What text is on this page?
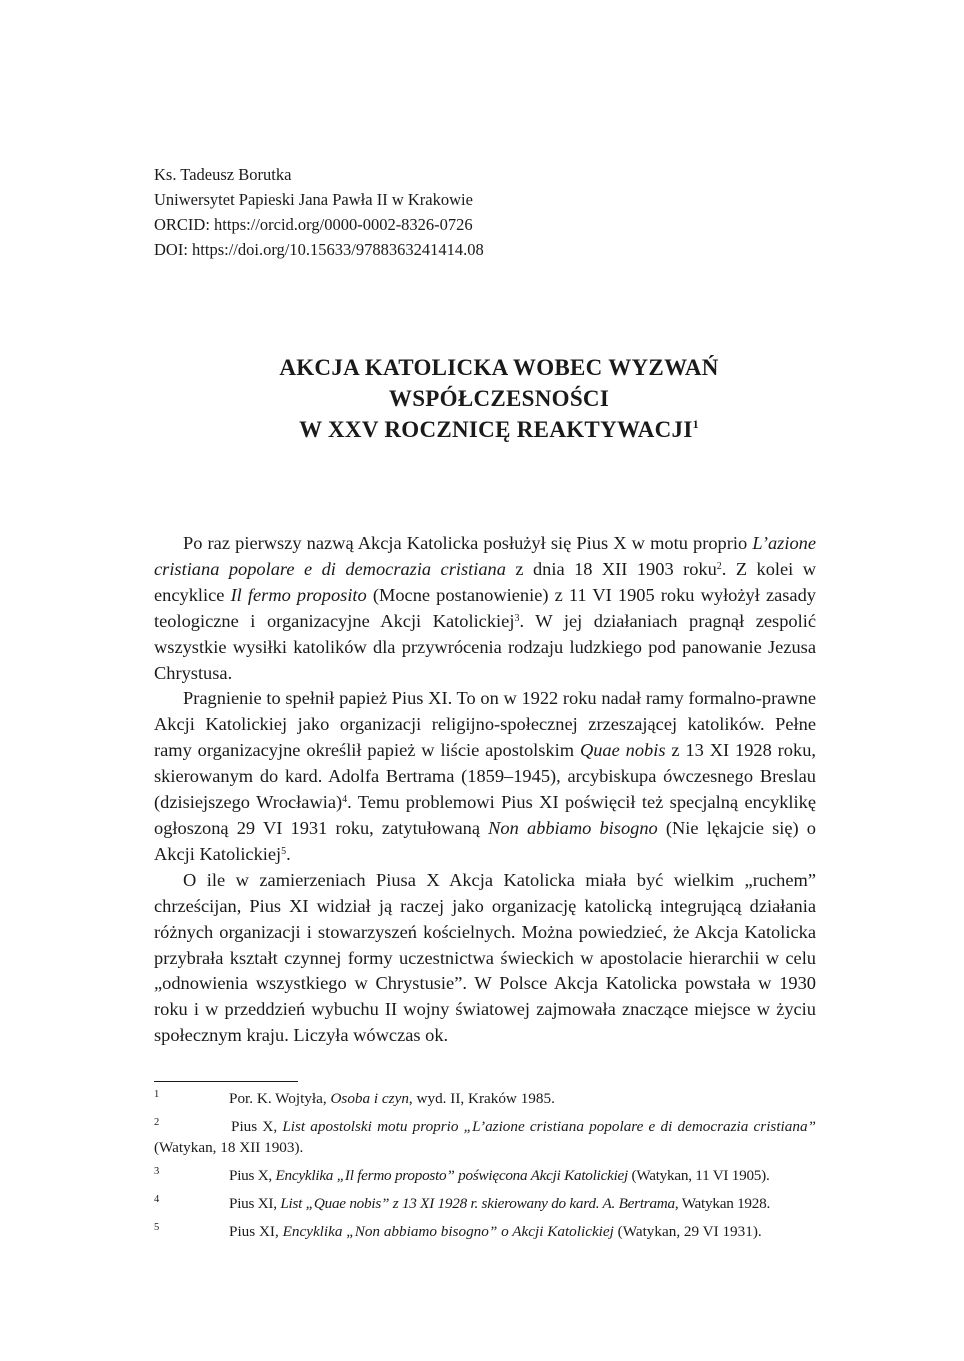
Ks. Tadeusz Borutka
Uniwersytet Papieski Jana Pawła II w Krakowie
ORCID: https://orcid.org/0000-0002-8326-0726
DOI: https://doi.org/10.15633/9788363241414.08
AKCJA KATOLICKA WOBEC WYZWAŃ
WSPÓŁCZESNOŚCI
W XXV ROCZNICĘ REAKTYWACJI$^1$

Po raz pierwszy nazwą Akcja Katolicka posłużył się Pius X w motu proprio L’azione cristiana popolare e di democrazia cristiana z dnia 18 XII 1903 roku$^2$. Z kolei w encyklice Il fermo proposito (Mocne postanowienie) z 11 VI 1905 roku wyłożył zasady teologiczne i organizacyjne Akcji Katolickiej$^3$. W jej działaniach pragnął zespolić wszystkie wysiłki katolików dla przywrócenia rodzaju ludzkiego pod panowanie Jezusa Chrystusa.

Pragnienie to spełnił papież Pius XI. To on w 1922 roku nadał ramy formalno-prawne Akcji Katolickiej jako organizacji religijno-społecznej zrzeszającej katolików. Pełne ramy organizacyjne określił papież w liście apostolskim Quae nobis z 13 XI 1928 roku, skierowanym do kard. Adolfa Bertrama (1859–1945), arcybiskupa ówczesnego Breslau (dzisiejszego Wrocławia)$^4$. Temu problemowi Pius XI poświęcił też specjalną encyklikę ogłoszoną 29 VI 1931 roku, zatytułowaną Non abbiamo bisogno (Nie lękajcie się) o Akcji Katolickiej$^5$.

O ile w zamierzeniach Piusa X Akcja Katolicka miała być wielkim „ruchem” chrześcijan, Pius XI widział ją raczej jako organizację katolicką integrującą działania różnych organizacji i stowarzyszeń kościelnych. Można powiedzieć, że Akcja Katolicka przybrała kształt czynnej formy uczestnictwa świeckich w apostolacie hierarchii w celu „odnowienia wszystkiego w Chrystusie”. W Polsce Akcja Katolicka powstała w 1930 roku i w przeddzień wybuchu II wojny światowej zajmowała znaczące miejsce w życiu społecznym kraju. Liczyła wówczas ok.

1	Por. K. Wojtyła, Osoba i czyn, wyd. II, Kraków 1985.
2	Pius X, List apostolski motu proprio „L’azione cristiana popolare e di democrazia cristiana” (Watykan, 18 XII 1903).
3	Pius X, Encyklika „Il fermo proposto” poświęcona Akcji Katolickiej (Watykan, 11 VI 1905).
4	Pius XI, List „Quae nobis” z 13 XI 1928 r. skierowany do kard. A. Bertrama, Watykan 1928.
5	Pius XI, Encyklika „Non abbiamo bisogno” o Akcji Katolickiej (Watykan, 29 VI 1931).
